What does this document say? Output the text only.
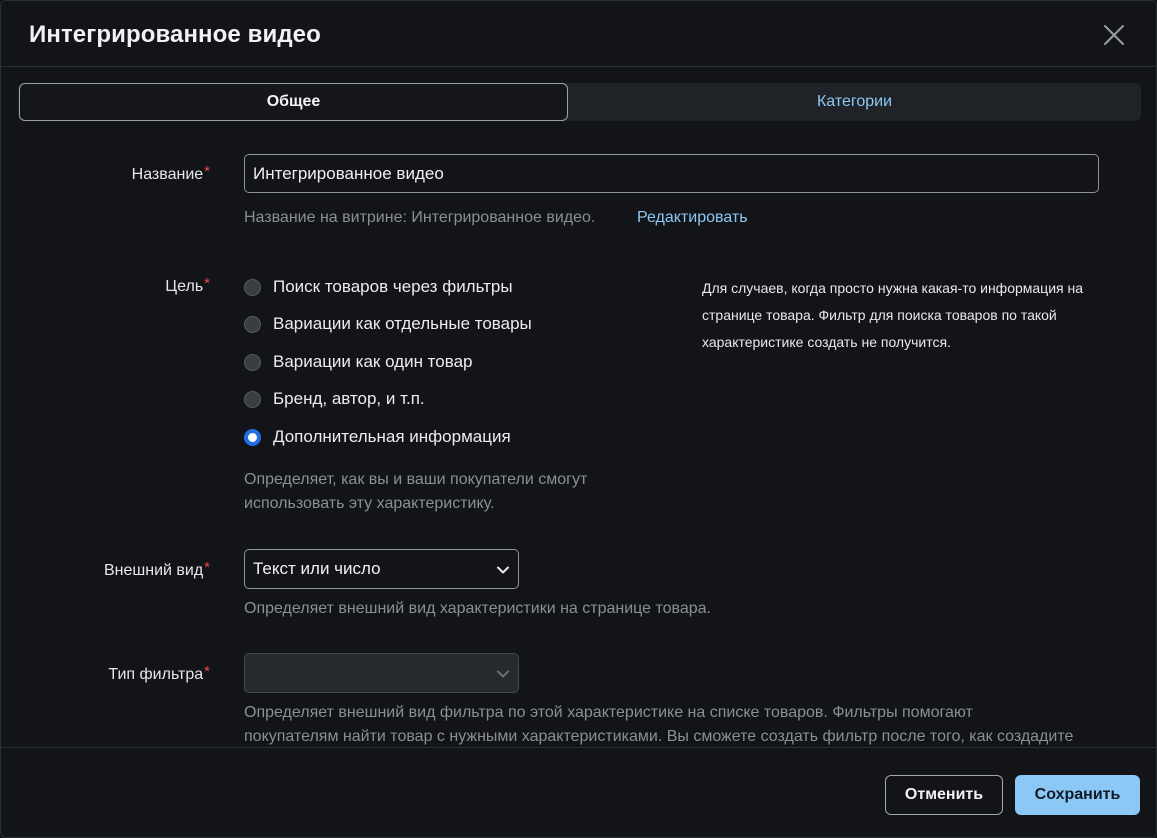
Интегрированное видео
Общее	Категории
Название*	Интегрированное видео
Название на витрине: Интегрированное видео.	Редактировать
Цель*	Поиск товаров через фильтры
Вариации как отдельные товары
Вариации как один товар
Бренд, автор, и т.п.
Дополнительная информация
Определяет, как вы и ваши покупатели смогут
использовать эту характеристику.
Для случаев, когда просто нужна какая-то информация на
странице товара. Фильтр для поиска товаров по такой
характеристике создать не получится.
Внешний вид*	Текст или число
Определяет внешний вид характеристики на странице товара.
Тип фильтра*
Определяет внешний вид фильтра по этой характеристике на списке товаров. Фильтры помогают
покупателям найти товар с нужными характеристиками. Вы сможете создать фильтр после того, как создадите
Отменить	Сохранить
